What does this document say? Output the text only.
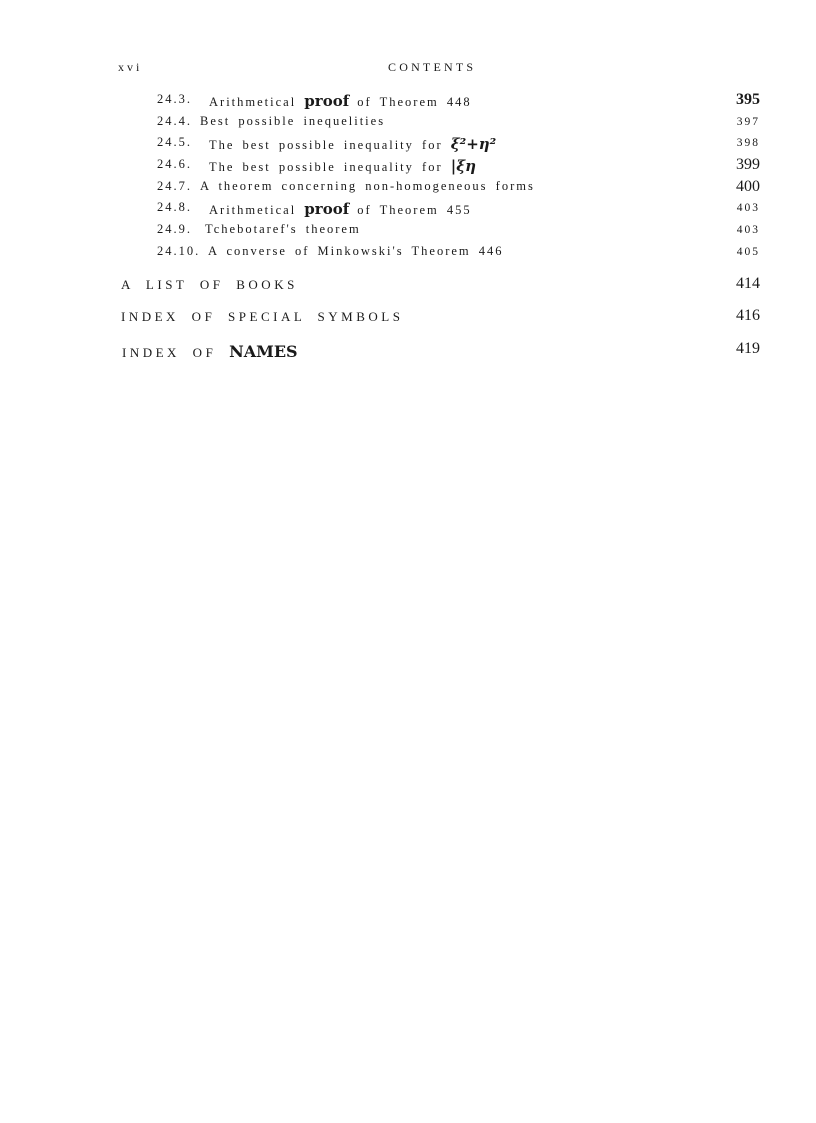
xvi	CONTENTS
24.3. Arithmetical proof of Theorem 448	395
24.4. Best possible inequelities	397
24.5. The best possible inequality for ξ²+η²	398
24.6. The best possible inequality for |ξη	399
24.7. A theorem concerning non-homogeneous forms	400
24.8. Arithmetical proof of Theorem 455	403
24.9. Tchebotaref's theorem	403
24.10. A converse of Minkowski's Theorem 446	405
A LIST OF BOOKS	414
INDEX OF SPECIAL SYMBOLS	416
INDEX OF NAMES	419
